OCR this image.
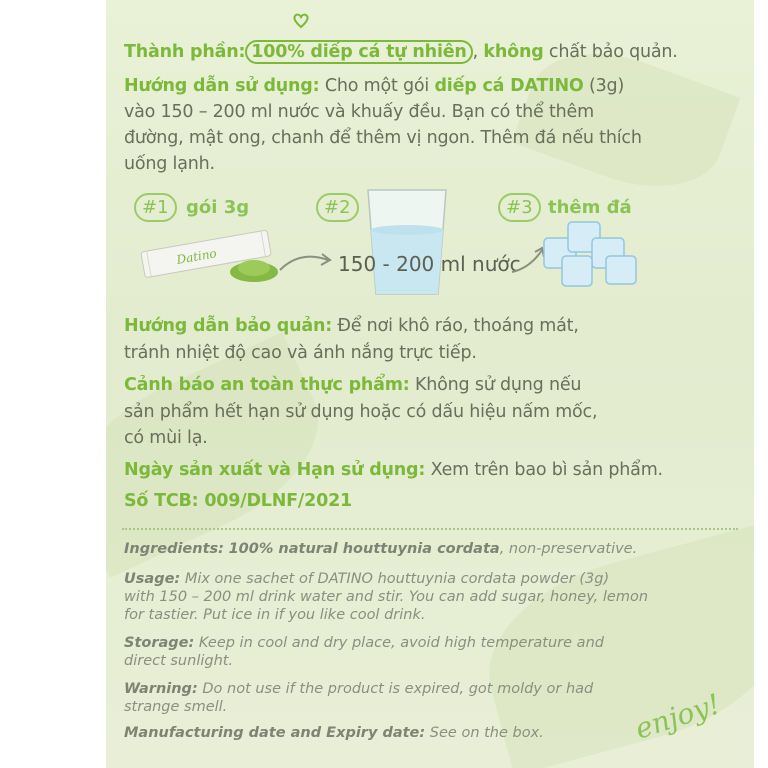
Thành phần: 100% diếp cá tự nhiên , không chất bảo quản.
Hướng dẫn sử dụng: Cho một gói diếp cá DATINO (3g)
vào 150 – 200 ml nước và khuấy đều. Bạn có thể thêm
đường, mật ong, chanh để thêm vị ngon. Thêm đá nếu thích
uống lạnh.
#1 gói 3g
Datino
#2
150 - 200 ml nước
#3 thêm đá
Hướng dẫn bảo quản: Để nơi khô ráo, thoáng mát,
tránh nhiệt độ cao và ánh nắng trực tiếp.
Cảnh báo an toàn thực phẩm: Không sử dụng nếu
sản phẩm hết hạn sử dụng hoặc có dấu hiệu nấm mốc,
có mùi lạ.
Ngày sản xuất và Hạn sử dụng: Xem trên bao bì sản phẩm.
Số TCB: 009/DLNF/2021
Ingredients: 100% natural houttuynia cordata, non-preservative.
Usage: Mix one sachet of DATINO houttuynia cordata powder (3g)
with 150 – 200 ml drink water and stir. You can add sugar, honey, lemon
for tastier. Put ice in if you like cool drink.
Storage: Keep in cool and dry place, avoid high temperature and
direct sunlight.
Warning: Do not use if the product is expired, got moldy or had
strange smell.
Manufacturing date and Expiry date: See on the box.	enjoy!
